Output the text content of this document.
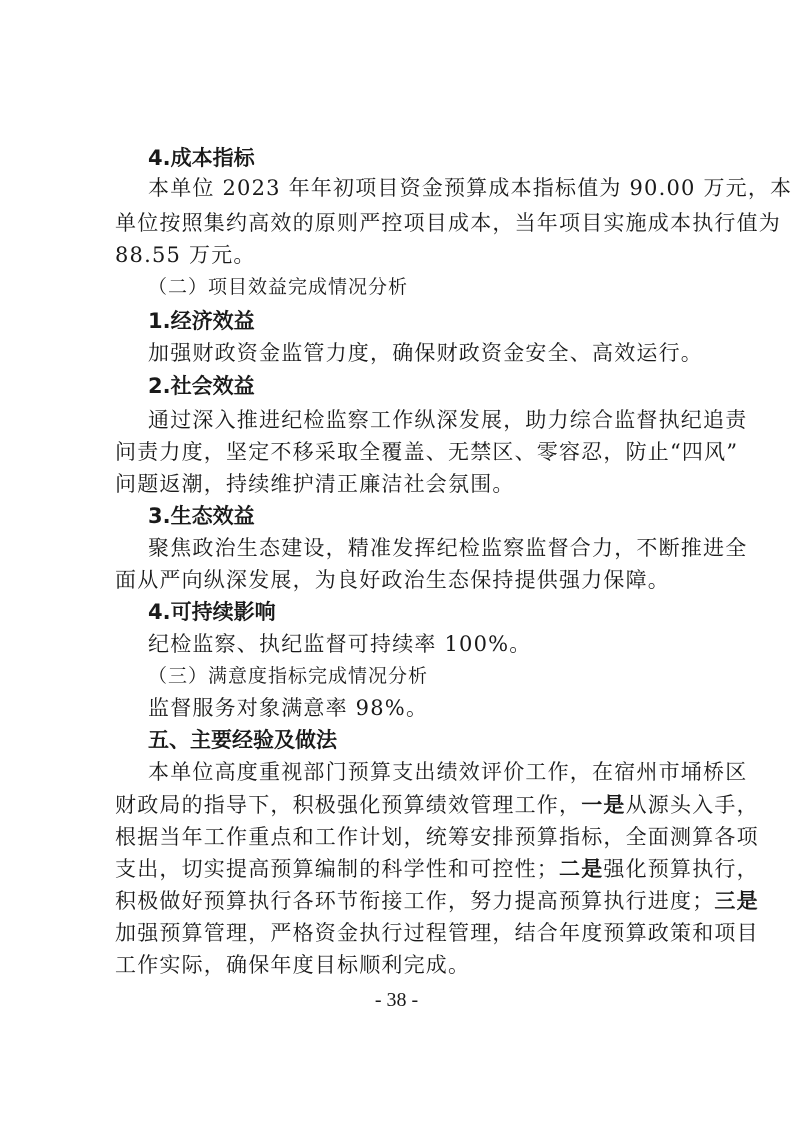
4.成本指标
本单位 2023 年年初项目资金预算成本指标值为 90.00 万元，本
单位按照集约高效的原则严控项目成本，当年项目实施成本执行值为
88.55 万元。
（二）项目效益完成情况分析
1.经济效益
加强财政资金监管力度，确保财政资金安全、高效运行。
2.社会效益
通过深入推进纪检监察工作纵深发展，助力综合监督执纪追责
问责力度，坚定不移采取全覆盖、无禁区、零容忍，防止“四风”
问题返潮，持续维护清正廉洁社会氛围。
3.生态效益
聚焦政治生态建设，精准发挥纪检监察监督合力，不断推进全
面从严向纵深发展，为良好政治生态保持提供强力保障。
4.可持续影响
纪检监察、执纪监督可持续率 100%。
（三）满意度指标完成情况分析
监督服务对象满意率 98%。
五、主要经验及做法
本单位高度重视部门预算支出绩效评价工作，在宿州市埇桥区
财政局的指导下，积极强化预算绩效管理工作，一是从源头入手，
根据当年工作重点和工作计划，统筹安排预算指标，全面测算各项
支出，切实提高预算编制的科学性和可控性；二是强化预算执行，
积极做好预算执行各环节衔接工作，努力提高预算执行进度；三是
加强预算管理，严格资金执行过程管理，结合年度预算政策和项目
工作实际，确保年度目标顺利完成。
- 38 -
